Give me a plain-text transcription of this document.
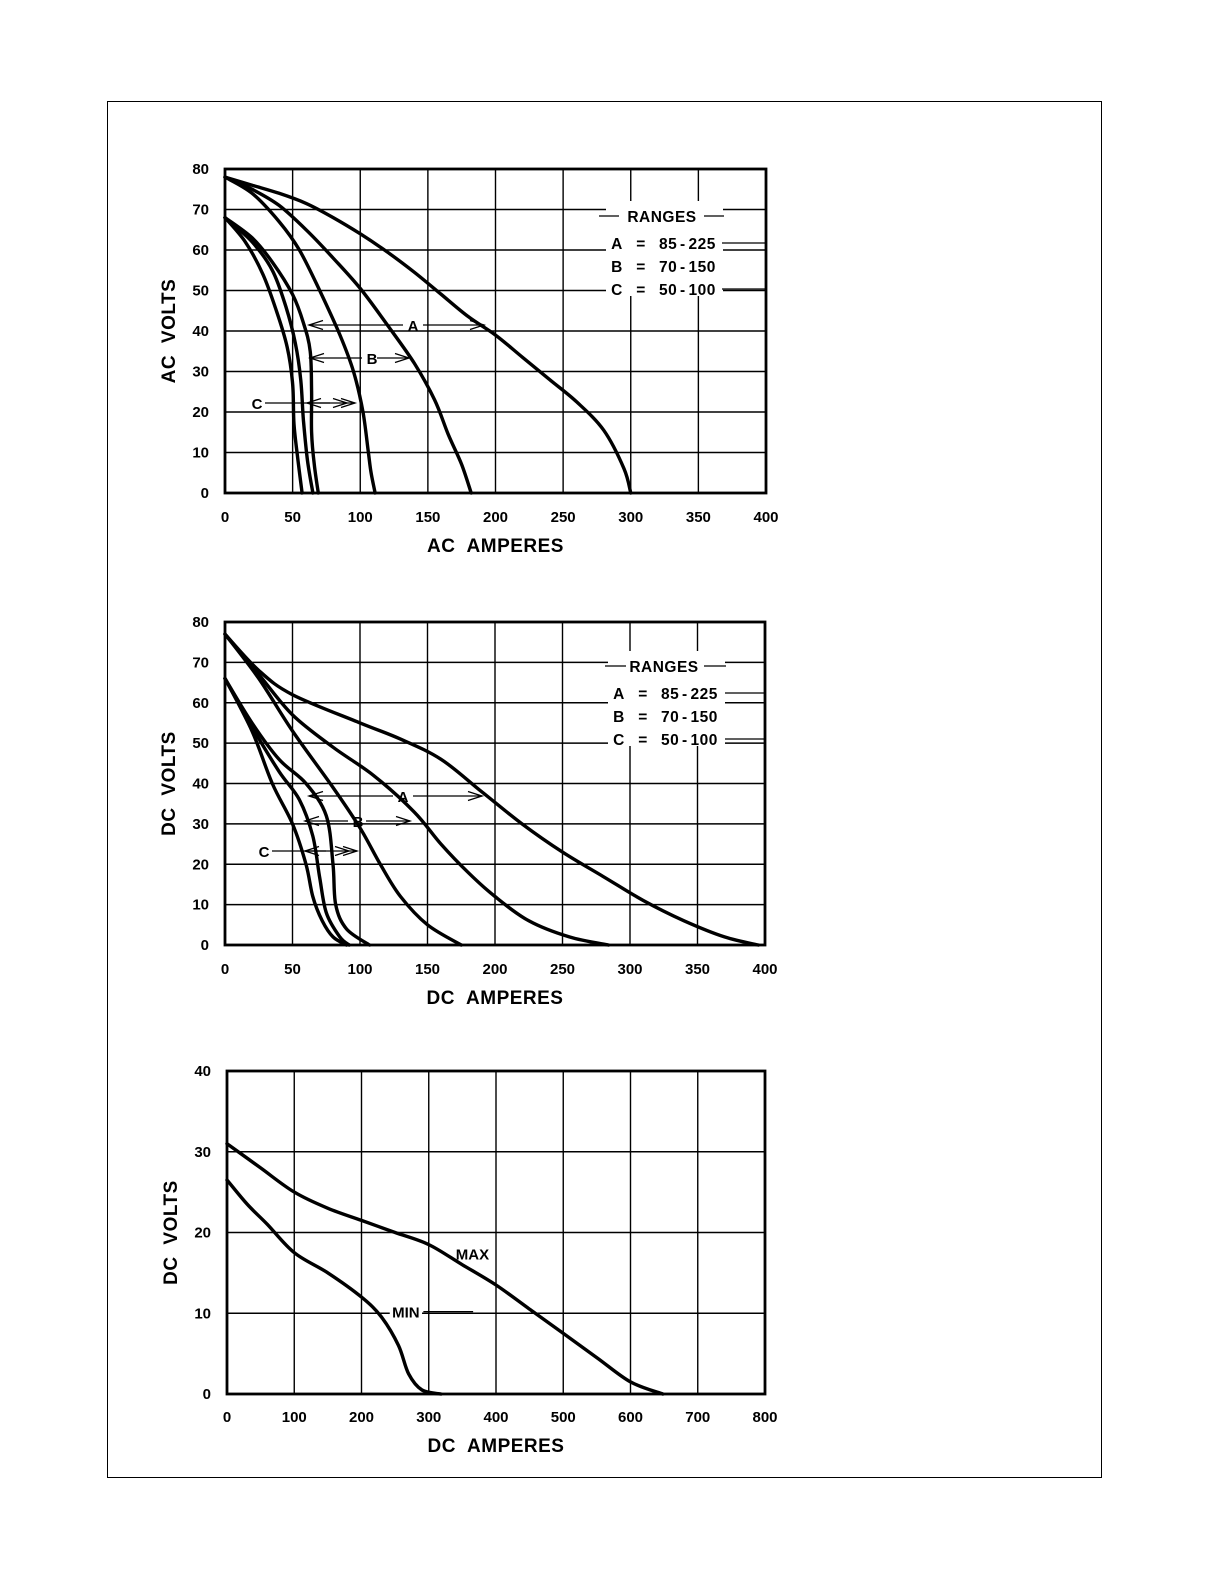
0	50	100	150	200	250	300	350	400
0
10
20
30
40
50
60
70
80
AC AMPERES
AC VOLTS
RANGES
A = 85 - 225
B = 70 - 150
C = 50 - 100
A
B
C
0	50	100	150	200	250	300	350	400
0
10
20
30
40
50
60
70
80
DC AMPERES
DC VOLTS
RANGES
A = 85 - 225
B = 70 - 150
C = 50 - 100
A
B
C
0	100	200	300	400	500	600	700	800
0
10
20
30
40
DC AMPERES
DC VOLTS	MAX
MIN
